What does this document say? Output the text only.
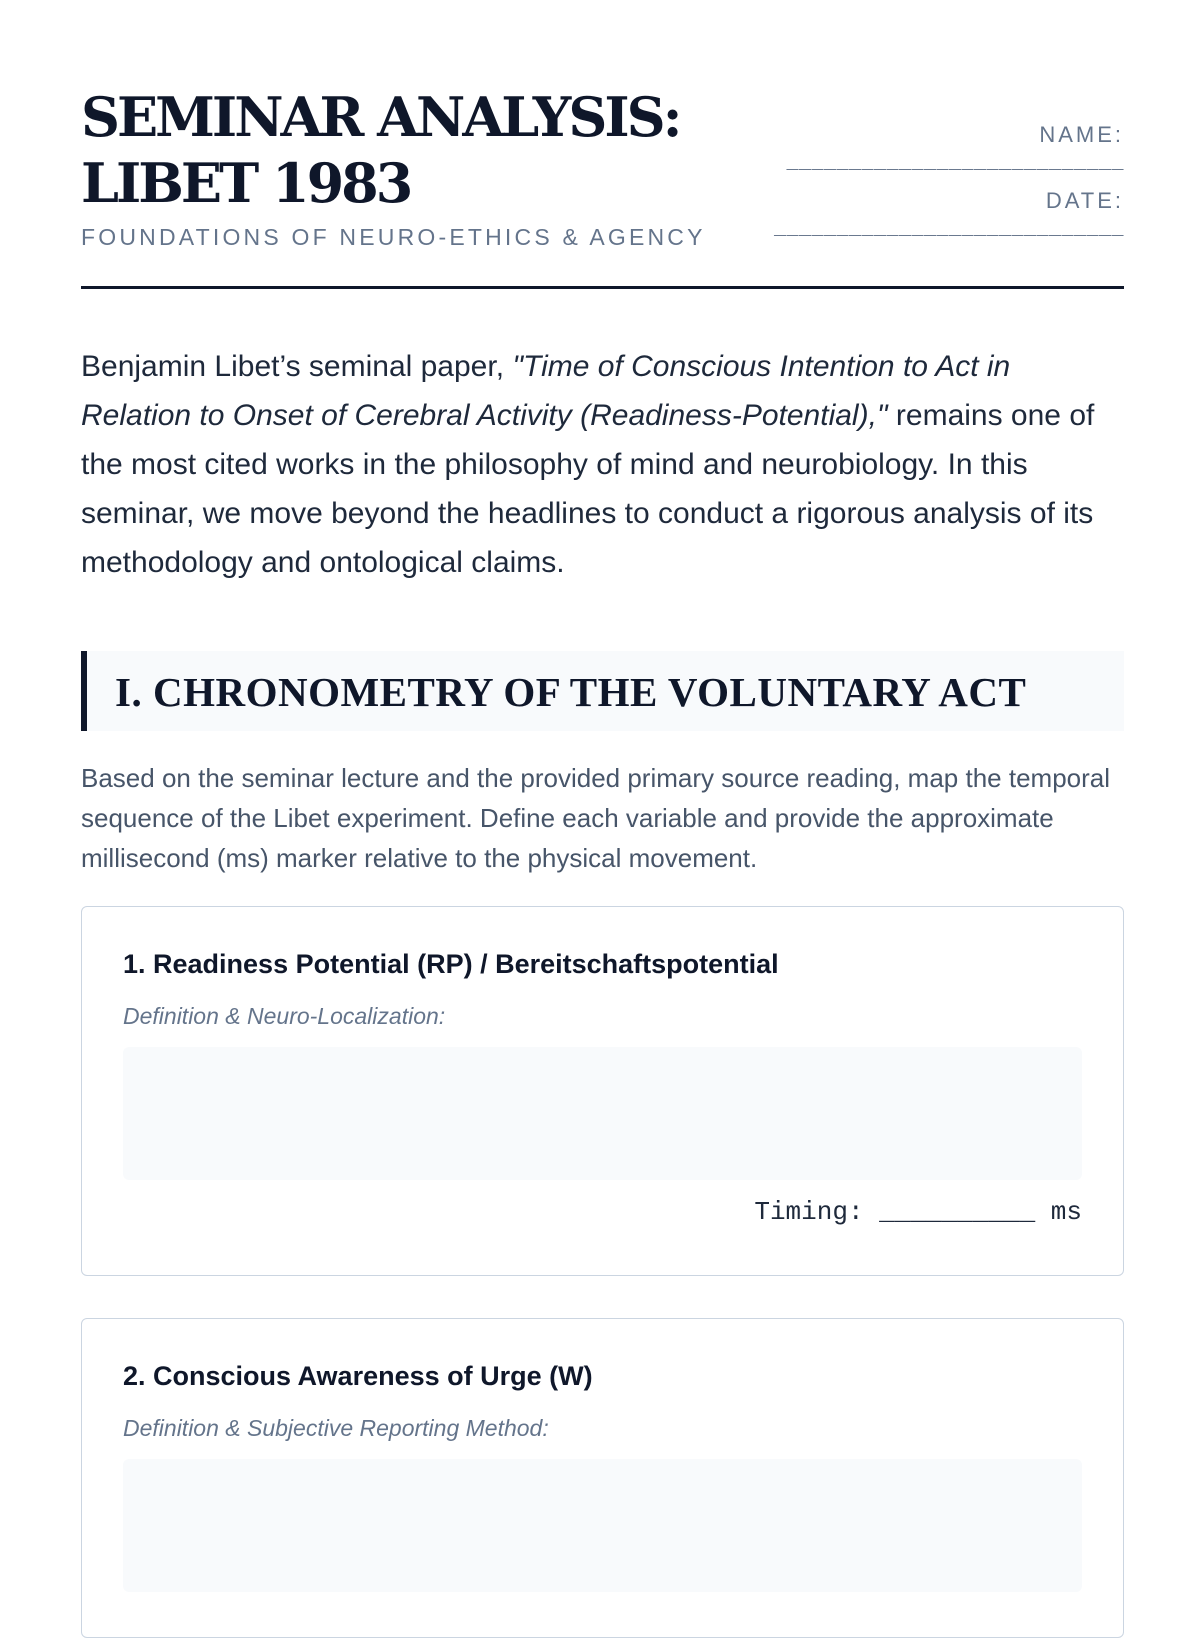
SEMINAR ANALYSIS:
LIBET 1983
FOUNDATIONS OF NEURO-ETHICS & AGENCY
NAME:
___________________________
DATE:
____________________________

Benjamin Libet’s seminal paper, "Time of Conscious Intention to Act in Relation to Onset of Cerebral Activity (Readiness-Potential)," remains one of the most cited works in the philosophy of mind and neurobiology. In this seminar, we move beyond the headlines to conduct a rigorous analysis of its methodology and ontological claims.

I. CHRONOMETRY OF THE VOLUNTARY ACT

Based on the seminar lecture and the provided primary source reading, map the temporal sequence of the Libet experiment. Define each variable and provide the approximate millisecond (ms) marker relative to the physical movement.

1. Readiness Potential (RP) / Bereitschaftspotential
Definition & Neuro-Localization:
Timing: __________ ms
2. Conscious Awareness of Urge (W)
Definition & Subjective Reporting Method:
